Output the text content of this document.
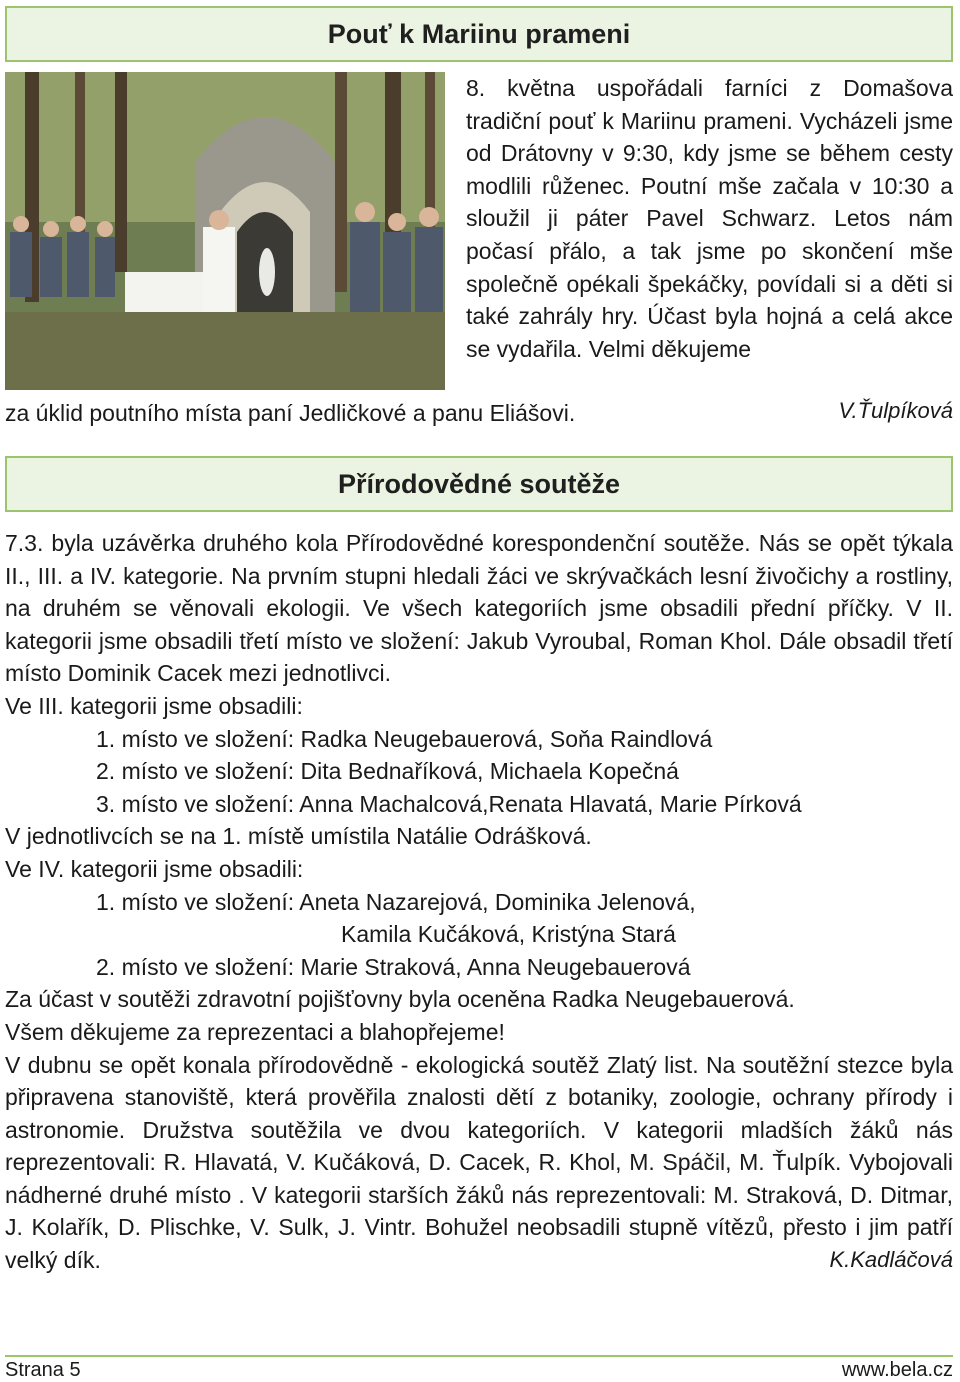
Pouť k Mariinu prameni

8. května uspořádali farníci z Domašova tradiční pouť k Mariinu prameni. Vycházeli jsme od Drátovny v 9:30, kdy jsme se během cesty modlili růženec. Poutní mše začala v 10:30 a sloužil ji páter Pavel Schwarz. Letos nám počasí přálo, a tak jsme po skončení mše společně opékali špekáčky, povídali si a děti si také zahrály hry. Účast byla hojná a celá akce se vydařila. Velmi děkujeme

za úklid poutního místa paní Jedličkové a panu Eliášovi.	V.Ťulpíková
Přírodovědné soutěže

7.3. byla uzávěrka druhého kola Přírodovědné korespondenční soutěže. Nás se opět týkala II., III. a IV. kategorie. Na prvním stupni hledali žáci ve skrývačkách lesní živočichy a rostliny, na druhém se věnovali ekologii. Ve všech kategoriích jsme obsadili přední příčky. V II. kategorii jsme obsadili třetí místo ve složení: Jakub Vyroubal, Roman Khol. Dále obsadil třetí místo Dominik Cacek mezi jednotlivci.

Ve III. kategorii jsme obsadili:
1. místo ve složení: Radka Neugebauerová, Soňa Raindlová
2. místo ve složení: Dita Bednaříková, Michaela Kopečná
3. místo ve složení: Anna Machalcová,Renata Hlavatá, Marie Pírková
V jednotlivcích se na 1. místě umístila Natálie Odrášková.
Ve IV. kategorii jsme obsadili:
1. místo ve složení: Aneta Nazarejová, Dominika Jelenová,
Kamila Kučáková, Kristýna Stará
2. místo ve složení: Marie Straková, Anna Neugebauerová
Za účast v soutěži zdravotní pojišťovny byla oceněna Radka Neugebauerová.
Všem děkujeme za reprezentaci a blahopřejeme!

V dubnu se opět konala přírodovědně - ekologická soutěž Zlatý list. Na soutěžní stezce byla připravena stanoviště, která prověřila znalosti dětí z botaniky, zoologie, ochrany přírody i astronomie. Družstva soutěžila ve dvou kategoriích. V kategorii mladších žáků nás reprezentovali: R. Hlavatá, V. Kučáková, D. Cacek, R. Khol, M. Spáčil, M. Ťulpík. Vybojovali nádherné druhé místo . V kategorii starších žáků nás reprezentovali: M. Straková, D. Ditmar, J. Kolařík, D. Plischke, V. Sulk, J. Vintr. Bohužel neobsadili stupně vítězů, přesto i jim patří velký dík.	K.Kadláčová

Strana 5	www.bela.cz
